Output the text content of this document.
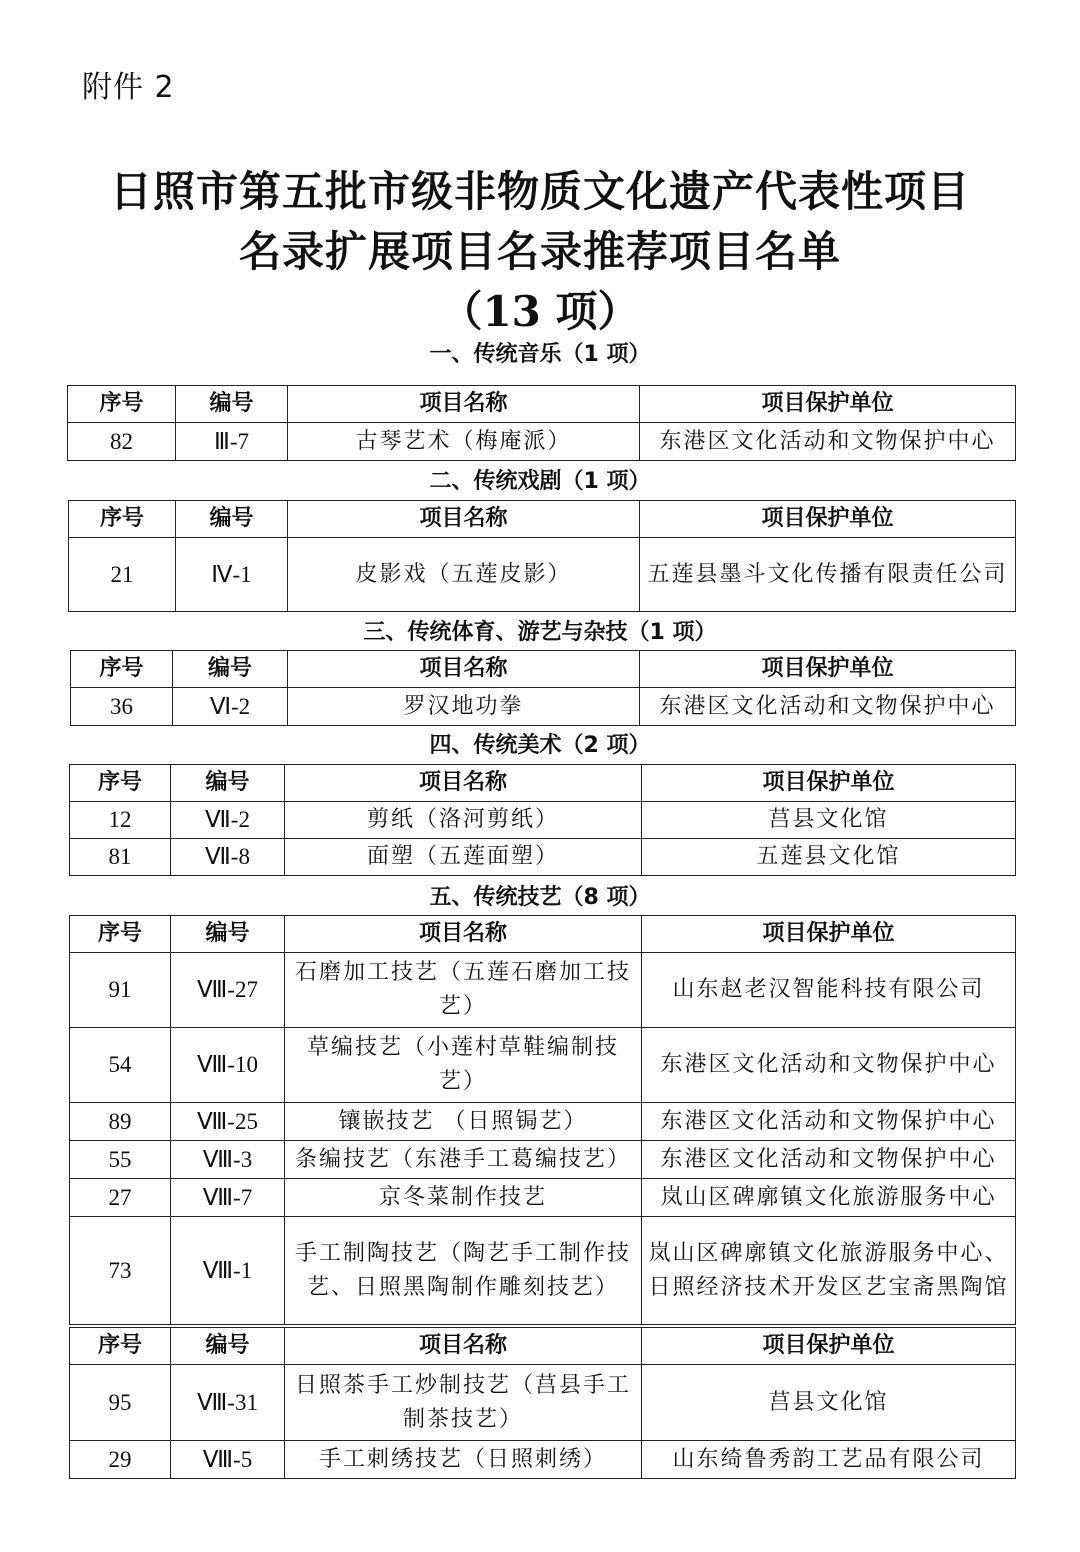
附件 2
日照市第五批市级非物质文化遗产代表性项目
名录扩展项目名录推荐项目名单
（13 项）
一、传统音乐（1 项）
序号	编号	项目名称	项目保护单位
82	Ⅲ-7	古琴艺术（梅庵派）	东港区文化活动和文物保护中心
二、传统戏剧（1 项）
序号	编号	项目名称	项目保护单位
21	Ⅳ-1	皮影戏（五莲皮影）	五莲县墨斗文化传播有限责任公司
三、传统体育、游艺与杂技（1 项）
序号	编号	项目名称	项目保护单位
36	Ⅵ-2	罗汉地功拳	东港区文化活动和文物保护中心
四、传统美术（2 项）
序号	编号	项目名称	项目保护单位
12	Ⅶ-2	剪纸（洛河剪纸）	莒县文化馆
81	Ⅶ-8	面塑（五莲面塑）	五莲县文化馆
五、传统技艺（8 项）
序号	编号	项目名称	项目保护单位
91	Ⅷ-27	石磨加工技艺（五莲石磨加工技艺）	山东赵老汉智能科技有限公司
54	Ⅷ-10	草编技艺（小莲村草鞋编制技艺）	东港区文化活动和文物保护中心
89	Ⅷ-25	镶嵌技艺 （日照锔艺）	东港区文化活动和文物保护中心
55	Ⅷ-3	条编技艺（东港手工葛编技艺）	东港区文化活动和文物保护中心
27	Ⅷ-7	京冬菜制作技艺	岚山区碑廓镇文化旅游服务中心
73	Ⅷ-1	手工制陶技艺（陶艺手工制作技艺、日照黑陶制作雕刻技艺）	岚山区碑廓镇文化旅游服务中心、日照经济技术开发区艺宝斋黑陶馆
序号	编号	项目名称	项目保护单位
95	Ⅷ-31	日照茶手工炒制技艺（莒县手工制茶技艺）	莒县文化馆
29	Ⅷ-5	手工刺绣技艺（日照刺绣）	山东绮鲁秀韵工艺品有限公司
